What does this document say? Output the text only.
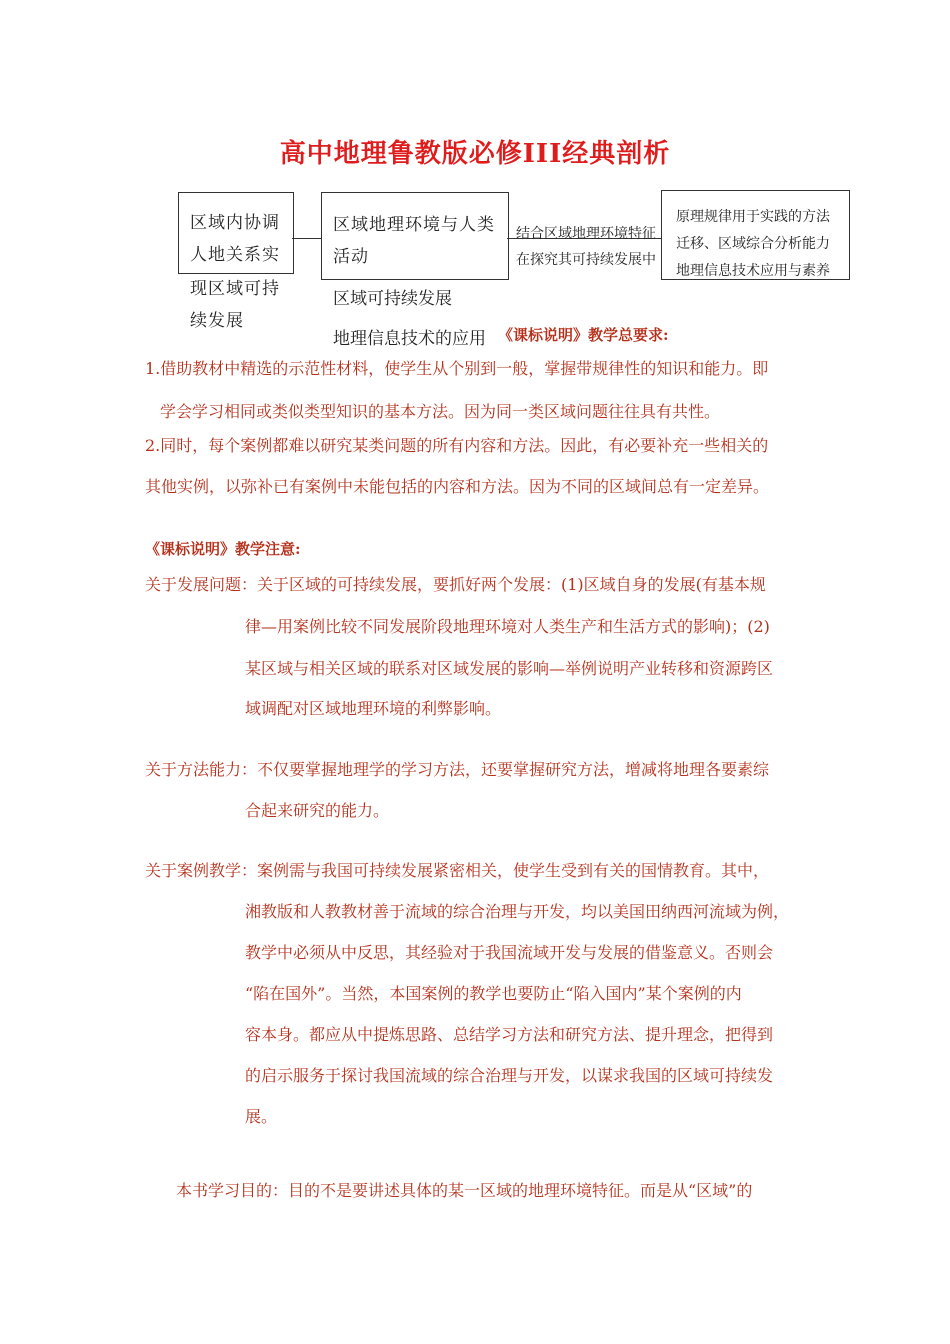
高中地理鲁教版必修III经典剖析
区域内协调
人地关系实
现区域可持
续发展
区域地理环境与人类
活动
区域可持续发展
地理信息技术的应用
结合区域地理环境特征
在探究其可持续发展中
原理规律用于实践的方法
迁移、区域综合分析能力
地理信息技术应用与素养
《课标说明》教学总要求:
1.借助教材中精选的示范性材料，使学生从个别到一般，掌握带规律性的知识和能力。即
学会学习相同或类似类型知识的基本方法。因为同一类区域问题往往具有共性。
2.同时，每个案例都难以研究某类问题的所有内容和方法。因此，有必要补充一些相关的
其他实例，以弥补已有案例中未能包括的内容和方法。因为不同的区域间总有一定差异。
《课标说明》教学注意:
关于发展问题：关于区域的可持续发展，要抓好两个发展：(1)区域自身的发展(有基本规
律—用案例比较不同发展阶段地理环境对人类生产和生活方式的影响)；(2)
某区域与相关区域的联系对区域发展的影响—举例说明产业转移和资源跨区
域调配对区域地理环境的利弊影响。
关于方法能力：不仅要掌握地理学的学习方法，还要掌握研究方法，增减将地理各要素综
合起来研究的能力。
关于案例教学：案例需与我国可持续发展紧密相关，使学生受到有关的国情教育。其中，
湘教版和人教教材善于流域的综合治理与开发，均以美国田纳西河流域为例，
教学中必须从中反思，其经验对于我国流域开发与发展的借鉴意义。否则会
“陷在国外”。当然，本国案例的教学也要防止“陷入国内”某个案例的内
容本身。都应从中提炼思路、总结学习方法和研究方法、提升理念，把得到
的启示服务于探讨我国流域的综合治理与开发，以谋求我国的区域可持续发
展。
本书学习目的：目的不是要讲述具体的某一区域的地理环境特征。而是从“区域”的
